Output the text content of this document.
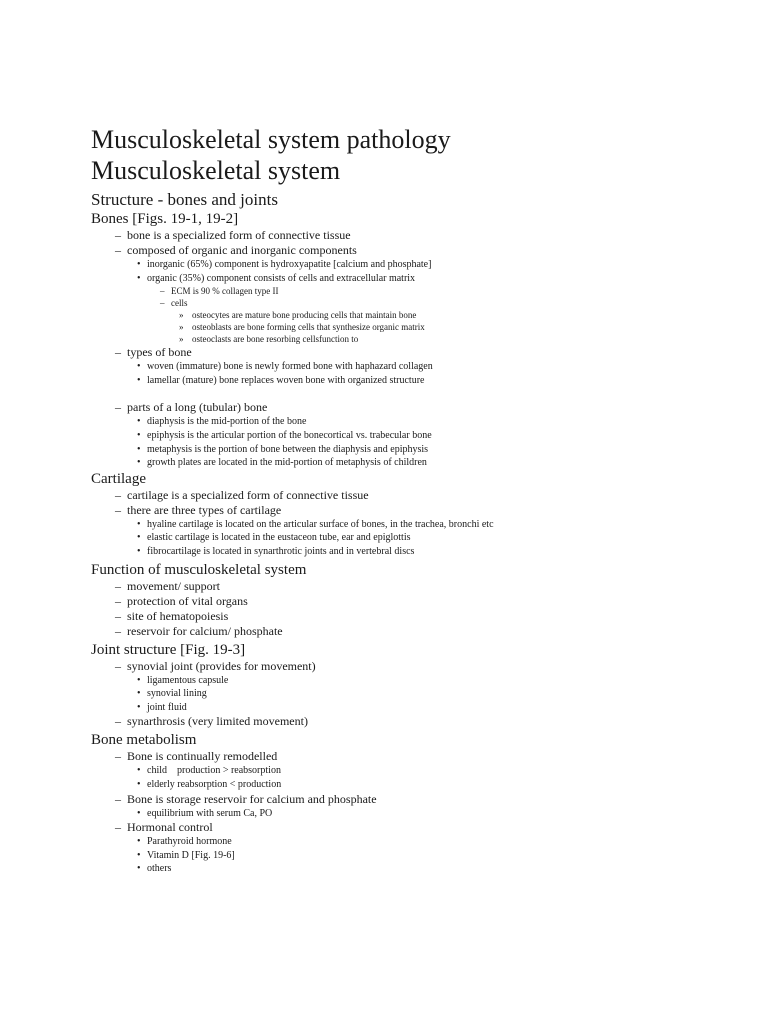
Musculoskeletal system pathology
Musculoskeletal system
Structure - bones and joints
Bones [Figs. 19-1, 19-2]
– bone is a specialized form of connective tissue
– composed of organic and inorganic components
• inorganic (65%) component is hydroxyapatite [calcium and phosphate]
• organic (35%) component consists of cells and extracellular matrix
– ECM is 90 % collagen type II
– cells
» osteocytes are mature bone producing cells that maintain bone
» osteoblasts are bone forming cells that synthesize organic matrix
» osteoclasts are bone resorbing cellsfunction to
– types of bone
• woven (immature) bone is newly formed bone with haphazard collagen
• lamellar (mature) bone replaces woven bone with organized structure
– parts of a long (tubular) bone
• diaphysis is the mid-portion of the bone
• epiphysis is the articular portion of the bonecortical vs. trabecular bone
• metaphysis is the portion of bone between the diaphysis and epiphysis
• growth plates are located in the mid-portion of metaphysis of children
Cartilage
– cartilage is a specialized form of connective tissue
– there are three types of cartilage
• hyaline cartilage is located on the articular surface of bones, in the trachea, bronchi etc
• elastic cartilage is located in the eustaceon tube, ear and epiglottis
• fibrocartilage is located in synarthrotic joints and in vertebral discs
Function of musculoskeletal system
– movement/ support
– protection of vital organs
– site of hematopoiesis
– reservoir for calcium/ phosphate
Joint structure [Fig. 19-3]
– synovial joint (provides for movement)
• ligamentous capsule
• synovial lining
• joint fluid
– synarthrosis (very limited movement)
Bone metabolism
– Bone is continually remodelled
• child    production > reabsorption
• elderly reabsorption < production
– Bone is storage reservoir for calcium and phosphate
• equilibrium with serum Ca, PO
– Hormonal control
• Parathyroid hormone
• Vitamin D [Fig. 19-6]
• others
